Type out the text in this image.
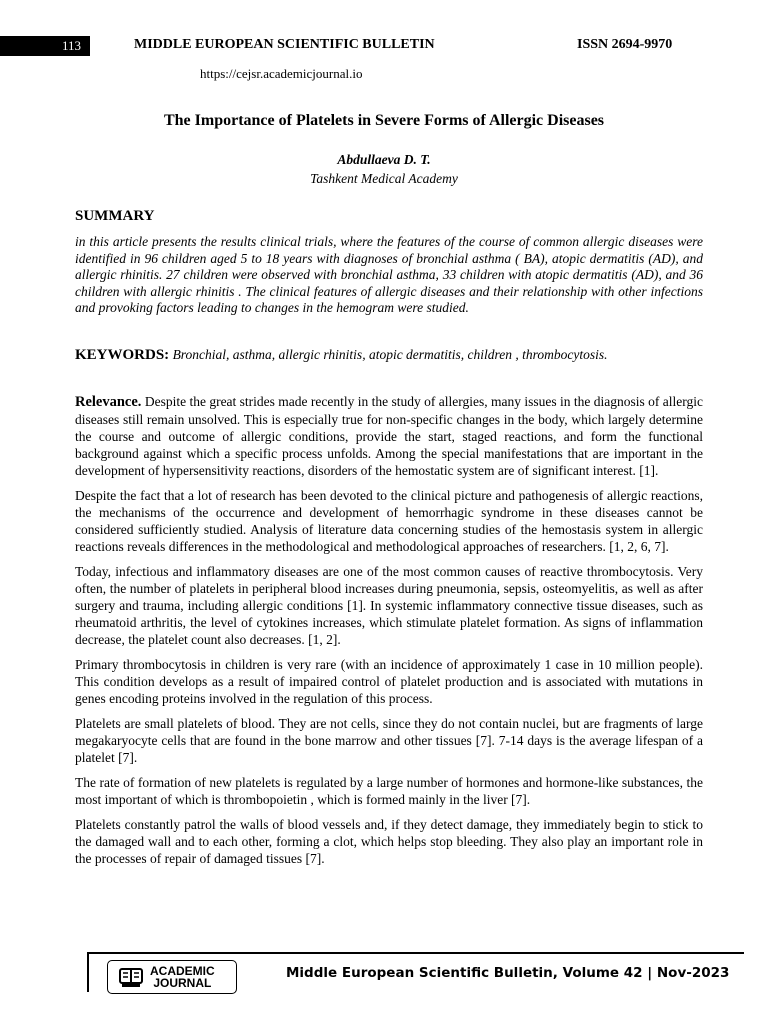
113	MIDDLE EUROPEAN SCIENTIFIC BULLETIN	ISSN 2694-9970
https://cejsr.academicjournal.io
The Importance of Platelets in Severe Forms of Allergic Diseases
Abdullaeva D. T.
Tashkent Medical Academy
SUMMARY
in this article presents the results clinical trials, where the features of the course of common allergic diseases were identified in 96 children aged 5 to 18 years with diagnoses of bronchial asthma ( BA), atopic dermatitis (AD), and allergic rhinitis. 27 children were observed with bronchial asthma, 33 children with atopic dermatitis (AD), and 36 children with allergic rhinitis . The clinical features of allergic diseases and their relationship with other infections and provoking factors leading to changes in the hemogram were studied.
KEYWORDS: Bronchial, asthma, allergic rhinitis, atopic dermatitis, children , thrombocytosis.

Relevance. Despite the great strides made recently in the study of allergies, many issues in the diagnosis of allergic diseases still remain unsolved. This is especially true for non-specific changes in the body, which largely determine the course and outcome of allergic conditions, provide the start, staged reactions, and form the functional background against which a specific process unfolds. Among the special manifestations that are important in the development of hypersensitivity reactions, disorders of the hemostatic system are of significant interest. [1].

Despite the fact that a lot of research has been devoted to the clinical picture and pathogenesis of allergic reactions, the mechanisms of the occurrence and development of hemorrhagic syndrome in these diseases cannot be considered sufficiently studied. Analysis of literature data concerning studies of the hemostasis system in allergic reactions reveals differences in the methodological and methodological approaches of researchers. [1, 2, 6, 7].

Today, infectious and inflammatory diseases are one of the most common causes of reactive thrombocytosis. Very often, the number of platelets in peripheral blood increases during pneumonia, sepsis, osteomyelitis, as well as after surgery and trauma, including allergic conditions [1]. In systemic inflammatory connective tissue diseases, such as rheumatoid arthritis, the level of cytokines increases, which stimulate platelet formation. As signs of inflammation decrease, the platelet count also decreases. [1, 2].

Primary thrombocytosis in children is very rare (with an incidence of approximately 1 case in 10 million people). This condition develops as a result of impaired control of platelet production and is associated with mutations in genes encoding proteins involved in the regulation of this process.

Platelets are small platelets of blood. They are not cells, since they do not contain nuclei, but are fragments of large megakaryocyte cells that are found in the bone marrow and other tissues [7]. 7-14 days is the average lifespan of a platelet [7].

The rate of formation of new platelets is regulated by a large number of hormones and hormone-like substances, the most important of which is thrombopoietin , which is formed mainly in the liver [7].

Platelets constantly patrol the walls of blood vessels and, if they detect damage, they immediately begin to stick to the damaged wall and to each other, forming a clot, which helps stop bleeding. They also play an important role in the processes of repair of damaged tissues [7].

ACADEMIC
JOURNAL
Middle European Scientific Bulletin, Volume 42 | Nov-2023
